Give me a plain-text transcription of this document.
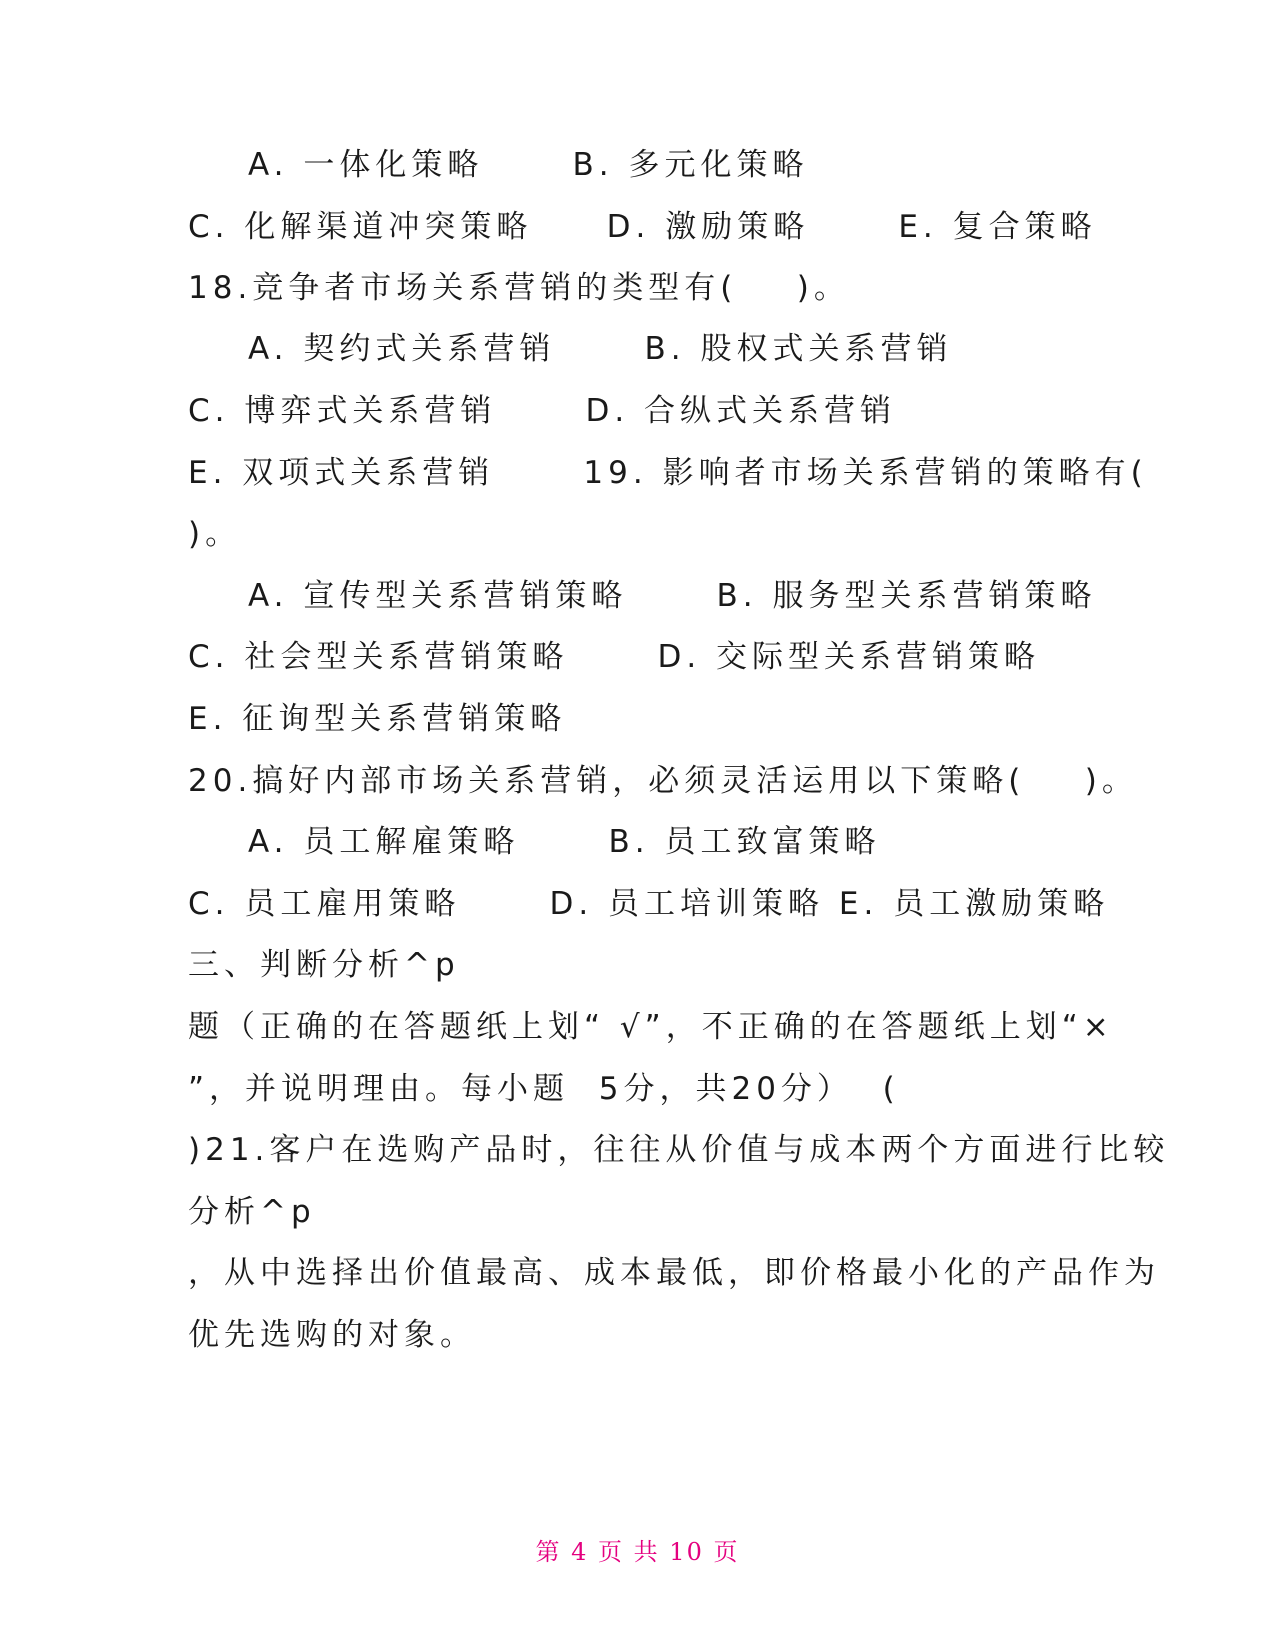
A. 一体化策略      B. 多元化策略
C. 化解渠道冲突策略     D. 激励策略      E. 复合策略
18.竞争者市场关系营销的类型有(    )。
A. 契约式关系营销      B. 股权式关系营销
C. 博弈式关系营销      D. 合纵式关系营销
E. 双项式关系营销      19. 影响者市场关系营销的策略有(
)。
A. 宣传型关系营销策略      B. 服务型关系营销策略
C. 社会型关系营销策略      D. 交际型关系营销策略
E. 征询型关系营销策略
20.搞好内部市场关系营销，必须灵活运用以下策略(    )。
A. 员工解雇策略      B. 员工致富策略
C. 员工雇用策略      D. 员工培训策略 E. 员工激励策略
三、判断分析^p
题（正确的在答题纸上划“ √”，不正确的在答题纸上划“×
”，并说明理由。每小题  5分，共20分）  (
)21.客户在选购产品时，往往从价值与成本两个方面进行比较
分析^p
，从中选择出价值最高、成本最低，即价格最小化的产品作为
优先选购的对象。
第 4 页 共 10 页
